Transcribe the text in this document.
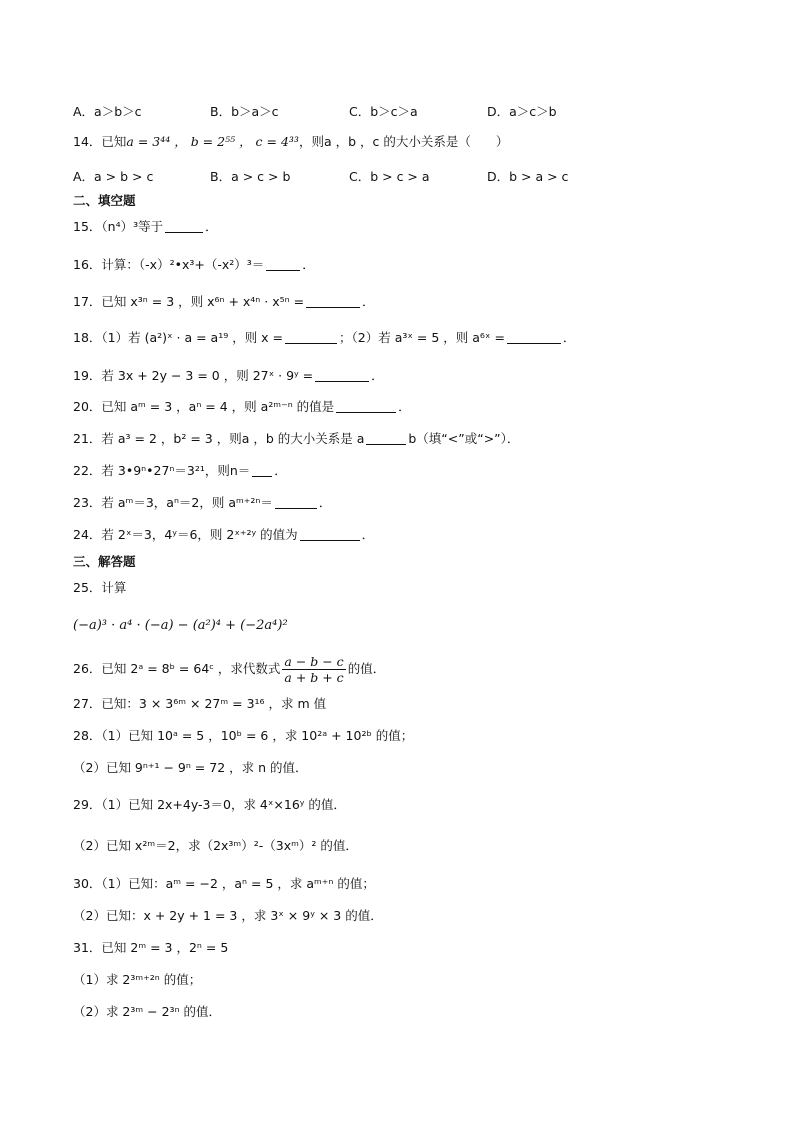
A．a＞b＞c	B．b＞a＞c	C．b＞c＞a	D．a＞c＞b
14．已知a = 3⁴⁴ ， b = 2⁵⁵ ， c = 4³³，则a ，b ，c 的大小关系是（　　）
A．a > b > c	B．a > c > b	C．b > c > a	D．b > a > c
二、填空题
15．（n⁴）³等于	．
16．计算：（-x）²•x³+（-x²）³＝	．
17．已知 x³ⁿ = 3 ，则 x⁶ⁿ + x⁴ⁿ · x⁵ⁿ =	．
18．（1）若 (a²)ˣ · a = a¹⁹ ，则 x =	；（2）若 a³ˣ = 5 ，则 a⁶ˣ =	．
19．若 3x + 2y − 3 = 0 ，则 27ˣ · 9ʸ =	．
20．已知 aᵐ = 3 ，aⁿ = 4 ，则 a²ᵐ⁻ⁿ 的值是	．
21．若 a³ = 2 ，b² = 3 ，则a ，b 的大小关系是 a	b（填“<”或“>”）．
22．若 3•9ⁿ•27ⁿ＝3²¹，则n＝ ．
23．若 aᵐ＝3，aⁿ＝2，则 aᵐ⁺²ⁿ＝	．
24．若 2ˣ＝3，4ʸ＝6，则 2ˣ⁺²ʸ 的值为	．
三、解答题
25．计算
(−a)³ · a⁴ · (−a) − (a²)⁴ + (−2a⁴)²
26．已知 2ᵃ = 8ᵇ = 64ᶜ ，求代数式 $\frac{a - b - c}{a + b + c}$ 的值．
27．已知：3 × 3⁶ᵐ × 27ᵐ = 3¹⁶ ，求 m 值
28．（1）已知 10ᵃ = 5 ，10ᵇ = 6 ，求 10²ᵃ + 10²ᵇ 的值；
（2）已知 9ⁿ⁺¹ − 9ⁿ = 72 ，求 n 的值．
29．（1）已知 2x+4y-3＝0，求 4ˣ×16ʸ 的值．
（2）已知 x²ᵐ＝2，求（2x³ᵐ）²-（3xᵐ）² 的值．
30．（1）已知：aᵐ = −2 ，aⁿ = 5 ，求 aᵐ⁺ⁿ 的值；
（2）已知：x + 2y + 1 = 3 ，求 3ˣ × 9ʸ × 3 的值．
31．已知 2ᵐ = 3 ，2ⁿ = 5
（1）求 2³ᵐ⁺²ⁿ 的值；
（2）求 2³ᵐ − 2³ⁿ 的值．
